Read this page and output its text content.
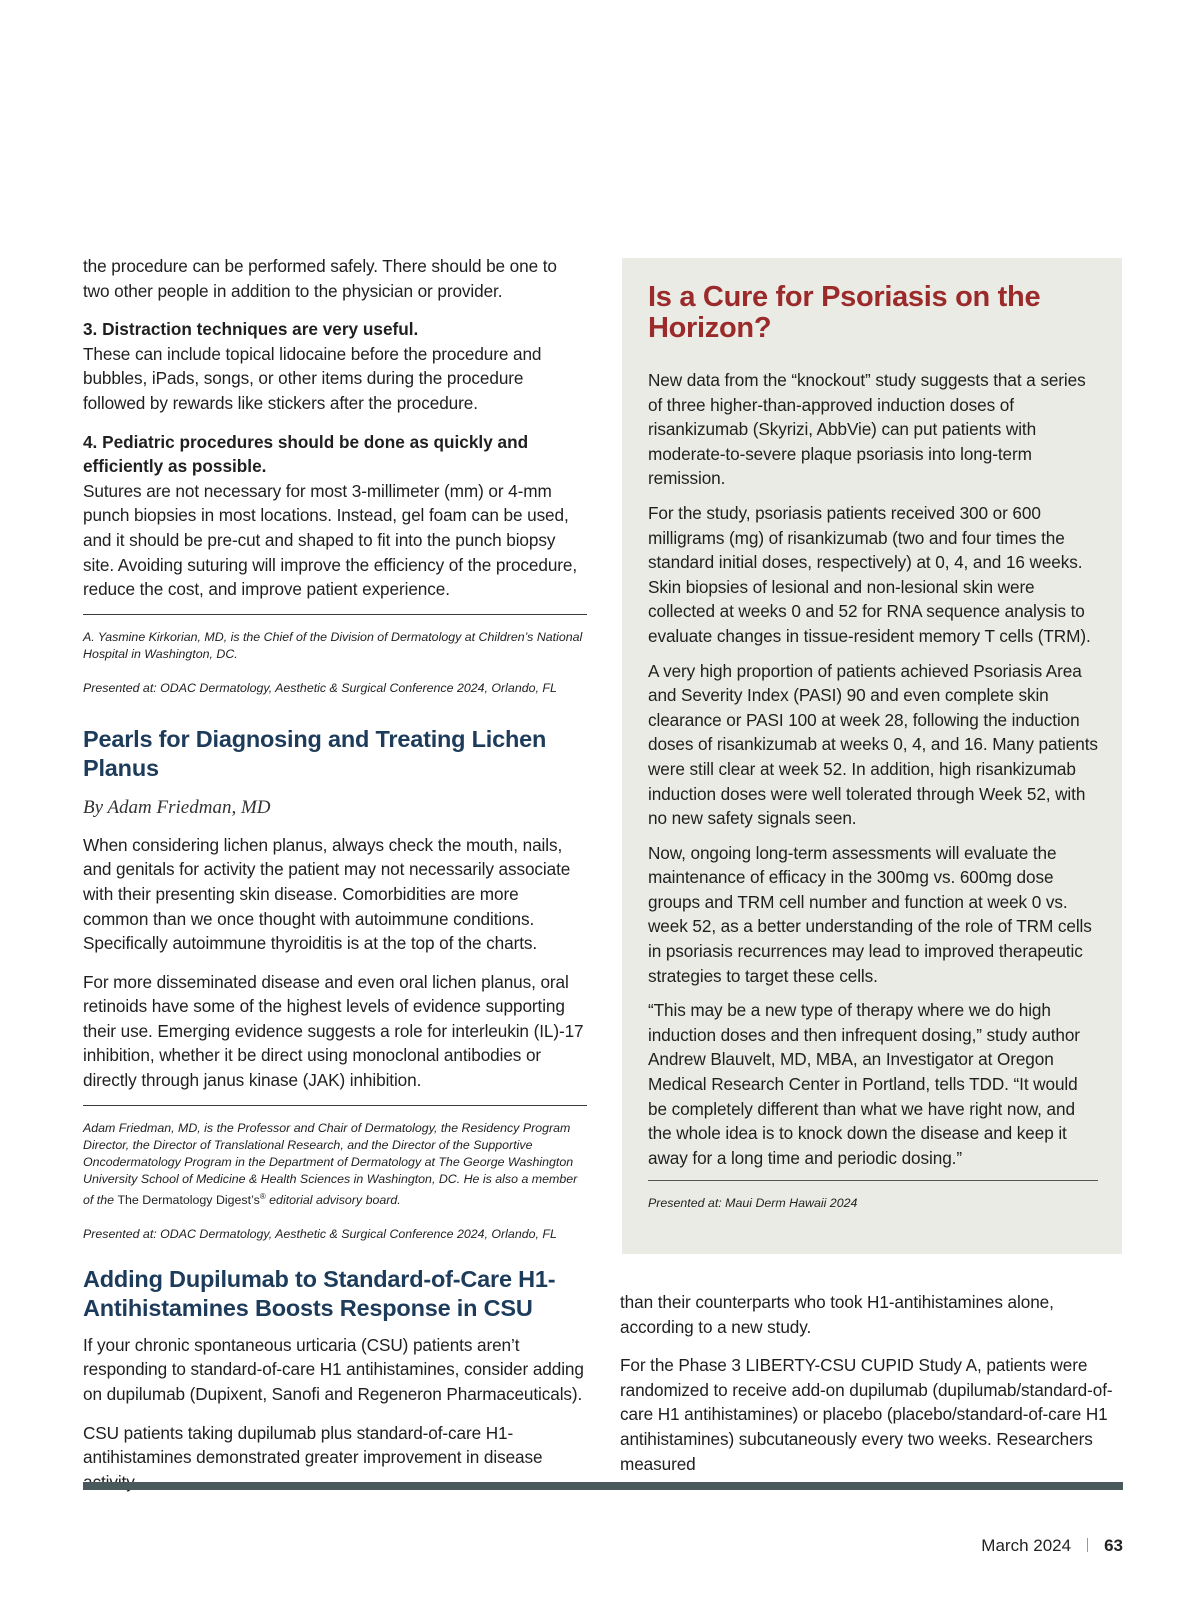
the procedure can be performed safely. There should be one to two other people in addition to the physician or provider.

3. Distraction techniques are very useful.

These can include topical lidocaine before the procedure and bubbles, iPads, songs, or other items during the procedure followed by rewards like stickers after the procedure.

4. Pediatric procedures should be done as quickly and efficiently as possible.

Sutures are not necessary for most 3-millimeter (mm) or 4-mm punch biopsies in most locations. Instead, gel foam can be used, and it should be pre-cut and shaped to fit into the punch biopsy site. Avoiding suturing will improve the efficiency of the procedure, reduce the cost, and improve patient experience.

A. Yasmine Kirkorian, MD, is the Chief of the Division of Dermatology at Children’s National Hospital in Washington, DC.

Presented at: ODAC Dermatology, Aesthetic & Surgical Conference 2024, Orlando, FL

Pearls for Diagnosing and Treating Lichen Planus

By Adam Friedman, MD

When considering lichen planus, always check the mouth, nails, and genitals for activity the patient may not necessarily associate with their presenting skin disease. Comorbidities are more common than we once thought with autoimmune conditions. Specifically autoimmune thyroiditis is at the top of the charts.

For more disseminated disease and even oral lichen planus, oral retinoids have some of the highest levels of evidence supporting their use. Emerging evidence suggests a role for interleukin (IL)-17 inhibition, whether it be direct using monoclonal antibodies or directly through janus kinase (JAK) inhibition.

Adam Friedman, MD, is the Professor and Chair of Dermatology, the Residency Program Director, the Director of Translational Research, and the Director of the Supportive Oncodermatology Program in the Department of Dermatology at The George Washington University School of Medicine & Health Sciences in Washington, DC. He is also a member of the The Dermatology Digest’s® editorial advisory board.

Presented at: ODAC Dermatology, Aesthetic & Surgical Conference 2024, Orlando, FL

Adding Dupilumab to Standard-of-Care H1-Antihistamines Boosts Response in CSU

If your chronic spontaneous urticaria (CSU) patients aren’t responding to standard-of-care H1 antihistamines, consider adding on dupilumab (Dupixent, Sanofi and Regeneron Pharmaceuticals).

CSU patients taking dupilumab plus standard-of-care H1-antihistamines demonstrated greater improvement in disease

Is a Cure for Psoriasis on the Horizon?

New data from the “knockout” study suggests that a series of three higher-than-approved induction doses of risankizumab (Skyrizi, AbbVie) can put patients with moderate-to-severe plaque psoriasis into long-term remission.

For the study, psoriasis patients received 300 or 600 milligrams (mg) of risankizumab (two and four times the standard initial doses, respectively) at 0, 4, and 16 weeks. Skin biopsies of lesional and non-lesional skin were collected at weeks 0 and 52 for RNA sequence analysis to evaluate changes in tissue-resident memory T cells (TRM).

A very high proportion of patients achieved Psoriasis Area and Severity Index (PASI) 90 and even complete skin clearance or PASI 100 at week 28, following the induction doses of risankizumab at weeks 0, 4, and 16. Many patients were still clear at week 52. In addition, high risankizumab induction doses were well tolerated through Week 52, with no new safety signals seen.

Now, ongoing long-term assessments will evaluate the maintenance of efficacy in the 300mg vs. 600mg dose groups and TRM cell number and function at week 0 vs. week 52, as a better understanding of the role of TRM cells in psoriasis recurrences may lead to improved therapeutic strategies to target these cells.

“This may be a new type of therapy where we do high induction doses and then infrequent dosing,” study author Andrew Blauvelt, MD, MBA, an Investigator at Oregon Medical Research Center in Portland, tells TDD. “It would be completely different than what we have right now, and the whole idea is to knock down the disease and keep it away for a long time and periodic dosing.”

Presented at: Maui Derm Hawaii 2024

than their counterparts who took H1-antihistamines alone, according to a new study.

For the Phase 3 LIBERTY-CSU CUPID Study A, patients were randomized to receive add-on dupilumab (dupilumab/standard-of-care H1 antihistamines) or placebo (placebo/standard-of-care H1 antihistamines) subcutaneously every two weeks. Researchers measured

March 2024 63
